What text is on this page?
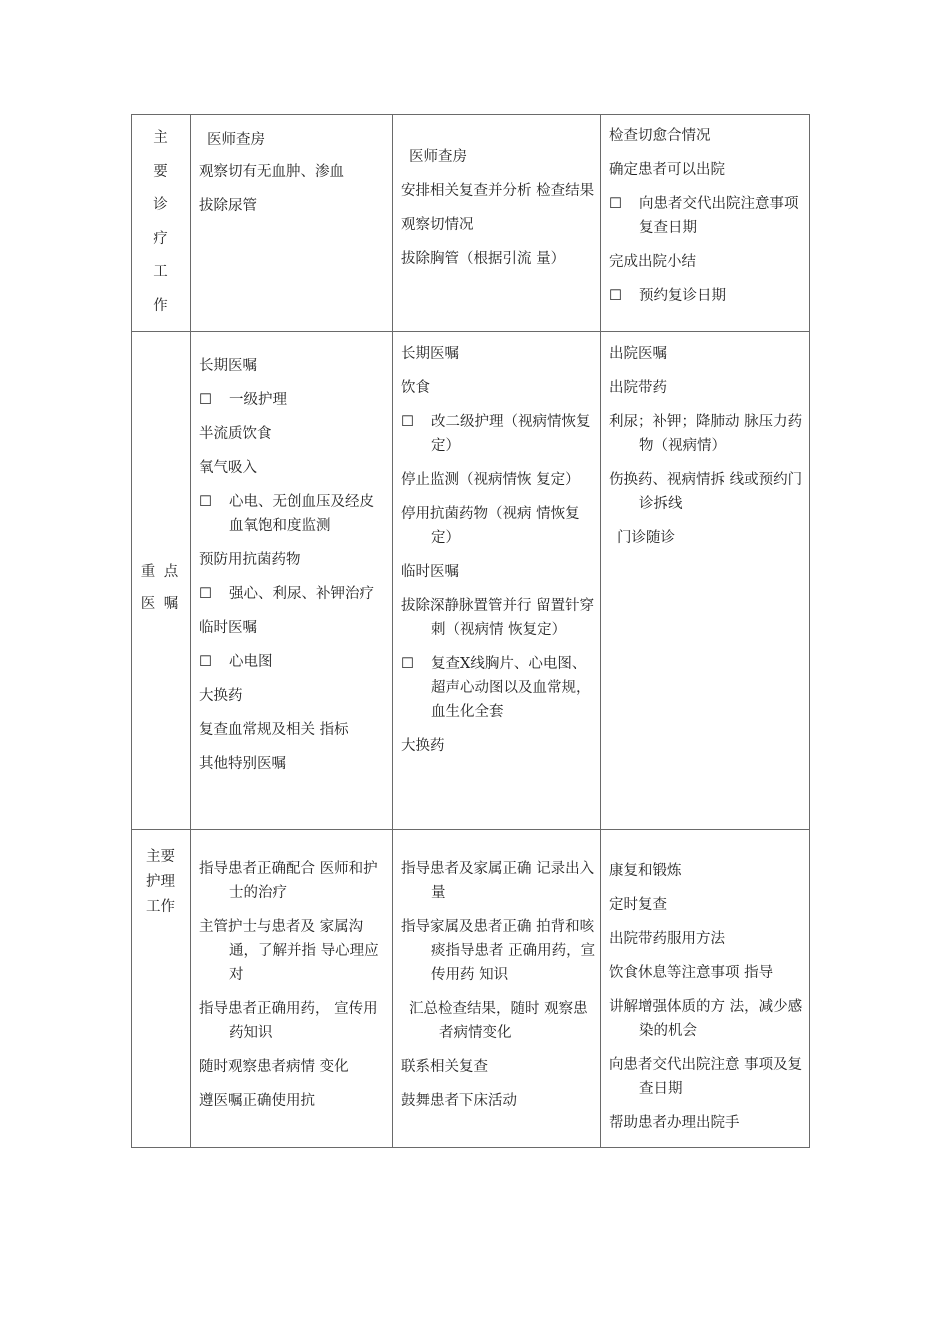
主
要
诊
疗
工
作
医师查房
观察切有无血肿、渗血
拔除尿管
医师查房
安排相关复查并分析 检查结果
观察切情况
拔除胸管（根据引流 量）
检查切愈合情况
确定患者可以出院
☐ 向患者交代出院注意事项复查日期
完成出院小结
☐ 预约复诊日期
重 点
医 嘱
长期医嘱
☐ 一级护理
半流质饮食
氧气吸入
☐ 心电、无创血压及经皮血氧饱和度监测
预防用抗菌药物
☐ 强心、利尿、补钾治疗
临时医嘱
☐ 心电图
大换药
复查血常规及相关 指标
其他特别医嘱
长期医嘱
饮食
☐ 改二级护理（视病情恢复定）
停止监测（视病情恢 复定）
停用抗菌药物（视病 情恢复定）
临时医嘱
拔除深静脉置管并行 留置针穿刺（视病情 恢复定）
☐ 复查X线胸片、心电图、超声心动图以及血常规，血生化全套
大换药
出院医嘱
出院带药
利尿；补钾；降肺动 脉压力药物（视病情）
伤换药、视病情拆 线或预约门诊拆线
门诊随诊
主要
护理
工作
指导患者正确配合 医师和护士的治疗
主管护士与患者及 家属沟通，了解并指 导心理应对
指导患者正确用药， 宣传用药知识
随时观察患者病情 变化
遵医嘱正确使用抗
指导患者及家属正确 记录出入量
指导家属及患者正确 拍背和咳痰指导患者 正确用药，宣传用药 知识
汇总检查结果，随时 观察患者病情变化
联系相关复查
鼓舞患者下床活动
康复和锻炼
定时复查
出院带药服用方法
饮食休息等注意事项 指导
讲解增强体质的方 法，减少感染的机会
向患者交代出院注意 事项及复查日期
帮助患者办理出院手
